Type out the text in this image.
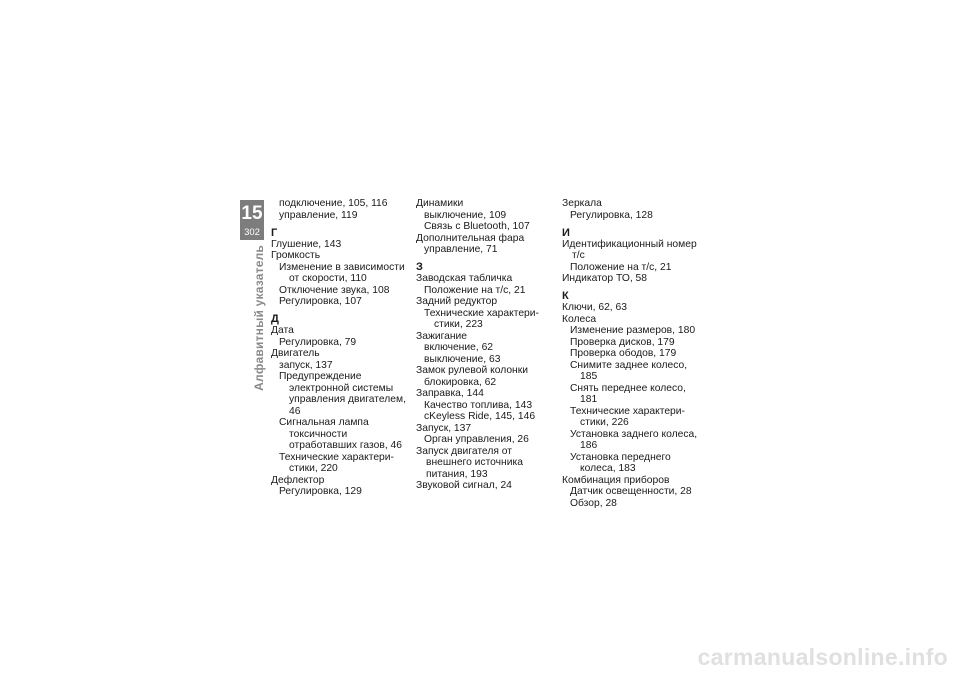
15
302
Алфавитный указатель
подключение, 105, 116
управление, 119
Г
Глушение, 143
Громкость
Изменение в зависимости от скорости, 110
Отключение звука, 108
Регулировка, 107
Д
Дата
Регулировка, 79
Двигатель
запуск, 137
Предупреждение электронной системы управления двигателем, 46
Сигнальная лампа токсичности отработавших газов, 46
Технические характери-стики, 220
Дефлектор
Регулировка, 129
Динамики
выключение, 109
Связь с Bluetooth, 107
Дополнительная фара
управление, 71
З
Заводская табличка
Положение на т/с, 21
Задний редуктор
Технические характери-стики, 223
Зажигание
включение, 62
выключение, 63
Замок рулевой колонки
блокировка, 62
Заправка, 144
Качество топлива, 143
сKeyless Ride, 145, 146
Запуск, 137
Орган управления, 26
Запуск двигателя от внешнего источника питания, 193
Звуковой сигнал, 24
Зеркала
Регулировка, 128
И
Идентификационный номер т/с
Положение на т/с, 21
Индикатор ТО, 58
К
Ключи, 62, 63
Колеса
Изменение размеров, 180
Проверка дисков, 179
Проверка ободов, 179
Снимите заднее колесо, 185
Снять переднее колесо, 181
Технические характери-стики, 226
Установка заднего колеса, 186
Установка переднего колеса, 183
Комбинация приборов
Датчик освещенности, 28
Обзор, 28
carmanualsonline.info
